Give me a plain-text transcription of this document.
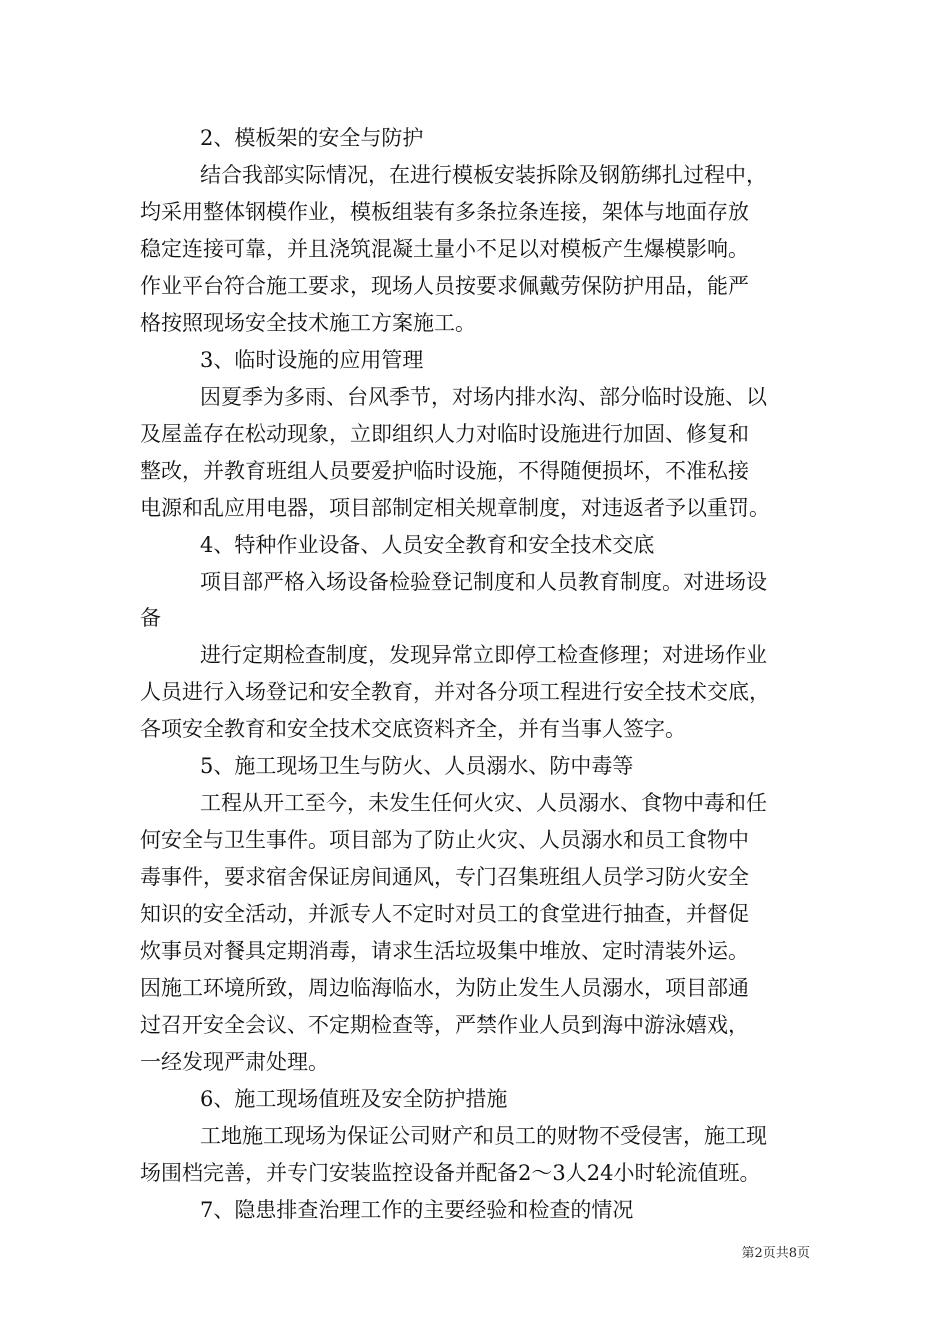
2、模板架的安全与防护
结合我部实际情况，在进行模板安装拆除及钢筋绑扎过程中，
均采用整体钢模作业，模板组装有多条拉条连接，架体与地面存放
稳定连接可靠，并且浇筑混凝土量小不足以对模板产生爆模影响。
作业平台符合施工要求，现场人员按要求佩戴劳保防护用品，能严
格按照现场安全技术施工方案施工。
3、临时设施的应用管理
因夏季为多雨、台风季节，对场内排水沟、部分临时设施、以
及屋盖存在松动现象，立即组织人力对临时设施进行加固、修复和
整改，并教育班组人员要爱护临时设施，不得随便损坏，不准私接
电源和乱应用电器，项目部制定相关规章制度，对违返者予以重罚。
4、特种作业设备、人员安全教育和安全技术交底
项目部严格入场设备检验登记制度和人员教育制度。对进场设
备
进行定期检查制度，发现异常立即停工检查修理；对进场作业
人员进行入场登记和安全教育，并对各分项工程进行安全技术交底，
各项安全教育和安全技术交底资料齐全，并有当事人签字。
5、施工现场卫生与防火、人员溺水、防中毒等
工程从开工至今，未发生任何火灾、人员溺水、食物中毒和任
何安全与卫生事件。项目部为了防止火灾、人员溺水和员工食物中
毒事件，要求宿舍保证房间通风，专门召集班组人员学习防火安全
知识的安全活动，并派专人不定时对员工的食堂进行抽查，并督促
炊事员对餐具定期消毒，请求生活垃圾集中堆放、定时清装外运。
因施工环境所致，周边临海临水，为防止发生人员溺水，项目部通
过召开安全会议、不定期检查等，严禁作业人员到海中游泳嬉戏，
一经发现严肃处理。
6、施工现场值班及安全防护措施
工地施工现场为保证公司财产和员工的财物不受侵害，施工现
场围档完善，并专门安装监控设备并配备2～3人24小时轮流值班。
7、隐患排查治理工作的主要经验和检查的情况
第2页共8页
